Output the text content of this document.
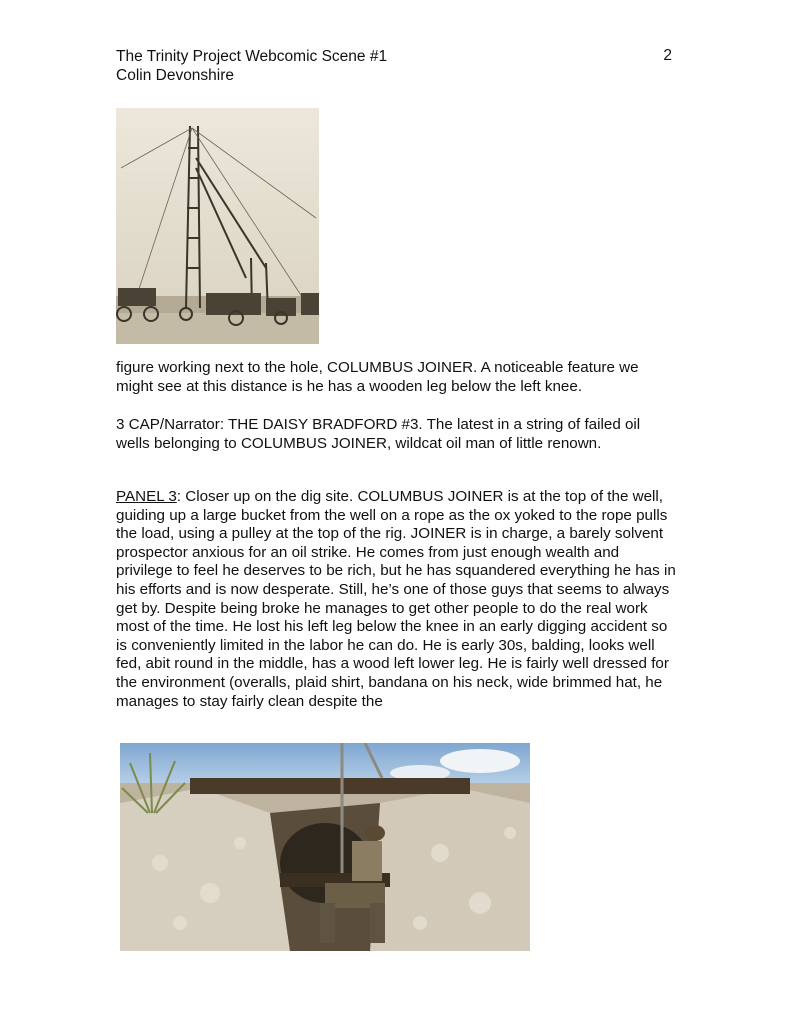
The Trinity Project Webcomic Scene #1
Colin Devonshire
2

figure working next to the hole, COLUMBUS JOINER. A noticeable feature we might see at this distance is he has a wooden leg below the left knee.

3 CAP/Narrator: THE DAISY BRADFORD #3. The latest in a string of failed oil wells belonging to COLUMBUS JOINER, wildcat oil man of little renown.

PANEL 3: Closer up on the dig site. COLUMBUS JOINER is at the top of the well, guiding up a large bucket from the well on a rope as the ox yoked to the rope pulls the load, using a pulley at the top of the rig. JOINER is in charge, a barely solvent prospector anxious for an oil strike. He comes from just enough wealth and privilege to feel he deserves to be rich, but he has squandered everything he has in his efforts and is now desperate. Still, he’s one of those guys that seems to always get by. Despite being broke he manages to get other people to do the real work most of the time. He lost his left leg below the knee in an early digging accident so is conveniently limited in the labor he can do. He is early 30s, balding, looks well fed, abit round in the middle, has a wood left lower leg. He is fairly well dressed for the environment (overalls, plaid shirt, bandana on his neck, wide brimmed hat, he manages to stay fairly clean despite the
